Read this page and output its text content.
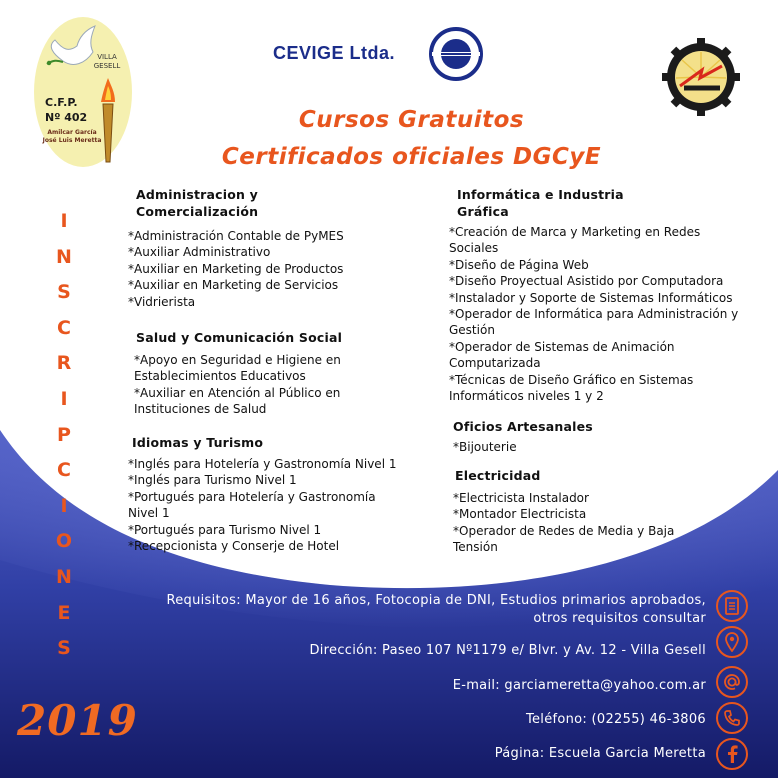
VILLA GESELL
C.F.P.
Nº 402
Amilcar García
José Luis Meretta
CEVIGE Ltda.
Cursos Gratuitos
Certificados oficiales DGCyE
I
N
S
C
R
I
P
C
I
O
N
E
S
Administracion y
Comercialización
*Administración Contable de PyMES
*Auxiliar Administrativo
*Auxiliar en Marketing de Productos
*Auxiliar en Marketing de Servicios
*Vidrierista
Salud y Comunicación Social
*Apoyo en Seguridad e Higiene en
Establecimientos Educativos
*Auxiliar en Atención al Público en
Instituciones de Salud
Idiomas y Turismo
*Inglés para Hotelería y Gastronomía Nivel 1
*Inglés para Turismo Nivel 1
*Portugués para Hotelería y Gastronomía
Nivel 1
*Portugués para Turismo Nivel 1
*Recepcionista y Conserje de Hotel
Informática e Industria
Gráfica
*Creación de Marca y Marketing en Redes
Sociales
*Diseño de Página Web
*Diseño Proyectual Asistido por Computadora
*Instalador y Soporte de Sistemas Informáticos
*Operador de Informática para Administración y
Gestión
*Operador de Sistemas de Animación
Computarizada
*Técnicas de Diseño Gráfico en Sistemas
Informáticos niveles 1 y 2
Oficios Artesanales
*Bijouterie
Electricidad
*Electricista Instalador
*Montador Electricista
*Operador de Redes de Media y Baja
Tensión
Requisitos: Mayor de 16 años, Fotocopia de DNI, Estudios primarios aprobados,
otros requisitos consultar
Dirección: Paseo 107 Nº1179 e/ Blvr. y Av. 12 - Villa Gesell
E-mail: garciameretta@yahoo.com.ar
Teléfono: (02255) 46-3806
Página: Escuela Garcia Meretta
2019
